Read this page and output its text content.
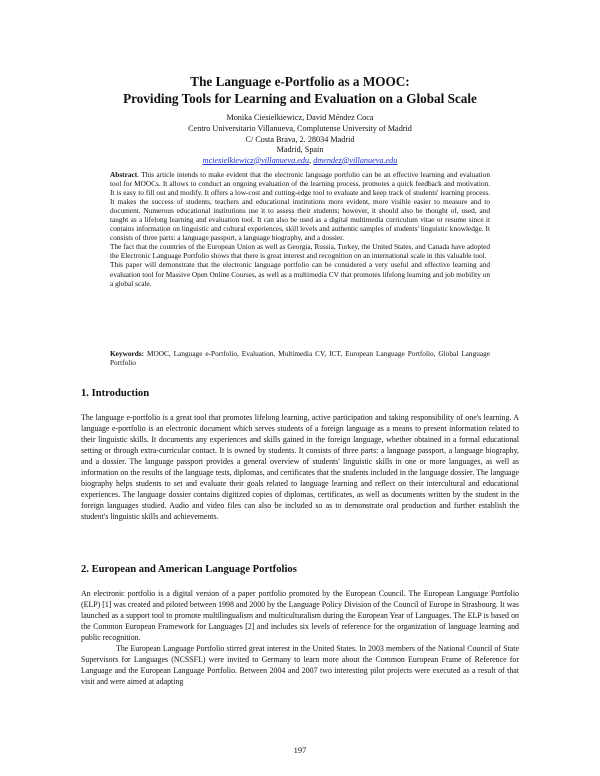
The Language e-Portfolio as a MOOC:
Providing Tools for Learning and Evaluation on a Global Scale

Monika Ciesielkiewicz, David Méndez Coca

Centro Universitario Villanueva, Complutense University of Madrid

C/ Costa Brava, 2. 28034 Madrid

Madrid, Spain

mciesielkiewicz@villanueva.edu, dmendez@villanueva.edu

Abstract. This article intends to make evident that the electronic language portfolio can be an effective learning and evaluation tool for MOOCs. It allows to conduct an ongoing evaluation of the learning process, promotes a quick feedback and motivation. It is easy to fill out and modify. It offers a low-cost and cutting-edge tool to evaluate and keep track of students' learning process. It makes the success of students, teachers and educational institutions more evident, more visible easier to measure and to document. Numerous educational institutions use it to assess their students; however, it should also be thought of, used, and taught as a lifelong learning and evaluation tool. It can also be used as a digital multimedia curriculum vitae or resume since it contains information on linguistic and cultural experiences, skill levels and authentic samples of students' linguistic knowledge. It consists of three parts: a language passport, a language biography, and a dossier.

The fact that the countries of the European Union as well as Georgia, Russia, Turkey, the United States, and Canada have adopted the Electronic Language Portfolio shows that there is great interest and recognition on an international scale in this valuable tool.

This paper will demonstrate that the electronic language portfolio can be considered a very useful and effective learning and evaluation tool for Massive Open Online Courses, as well as a multimedia CV that promotes lifelong learning and job mobility on a global scale.

Keywords: MOOC, Language e-Portfolio, Evaluation, Multimedia CV, ICT, European Language Portfolio, Global Language Portfolio

1. Introduction

The language e-portfolio is a great tool that promotes lifelong learning, active participation and taking responsibility of one's learning. A language e-portfolio is an electronic document which serves students of a foreign language as a means to present information related to their linguistic skills. It documents any experiences and skills gained in the foreign language, whether obtained in a formal educational setting or through extra-curricular contact. It is owned by students. It consists of three parts: a language passport, a language biography, and a dossier. The language passport provides a general overview of students' linguistic skills in one or more languages, as well as information on the results of the language tests, diplomas, and certificates that the students included in the language dossier. The language biography helps students to set and evaluate their goals related to language learning and reflect on their intercultural and educational experiences. The language dossier contains digitized copies of diplomas, certificates, as well as documents written by the student in the foreign languages studied. Audio and video files can also be included so as to demonstrate oral production and further establish the student's linguistic skills and achievements.

2. European and American Language Portfolios

An electronic portfolio is a digital version of a paper portfolio promoted by the European Council. The European Language Portfolio (ELP) [1] was created and piloted between 1998 and 2000 by the Language Policy Division of the Council of Europe in Strasbourg. It was launched as a support tool to promote multilingualism and multiculturalism during the European Year of Languages. The ELP is based on the Common European Framework for Languages [2] and includes six levels of reference for the organization of language learning and public recognition.

The European Language Portfolio stirred great interest in the United States. In 2003 members of the National Council of State Supervisors for Languages (NCSSFL) were invited to Germany to learn more about the Common European Frame of Reference for Language and the European Language Portfolio. Between 2004 and 2007 two interesting pilot projects were executed as a result of that visit and were aimed at adapting

197
